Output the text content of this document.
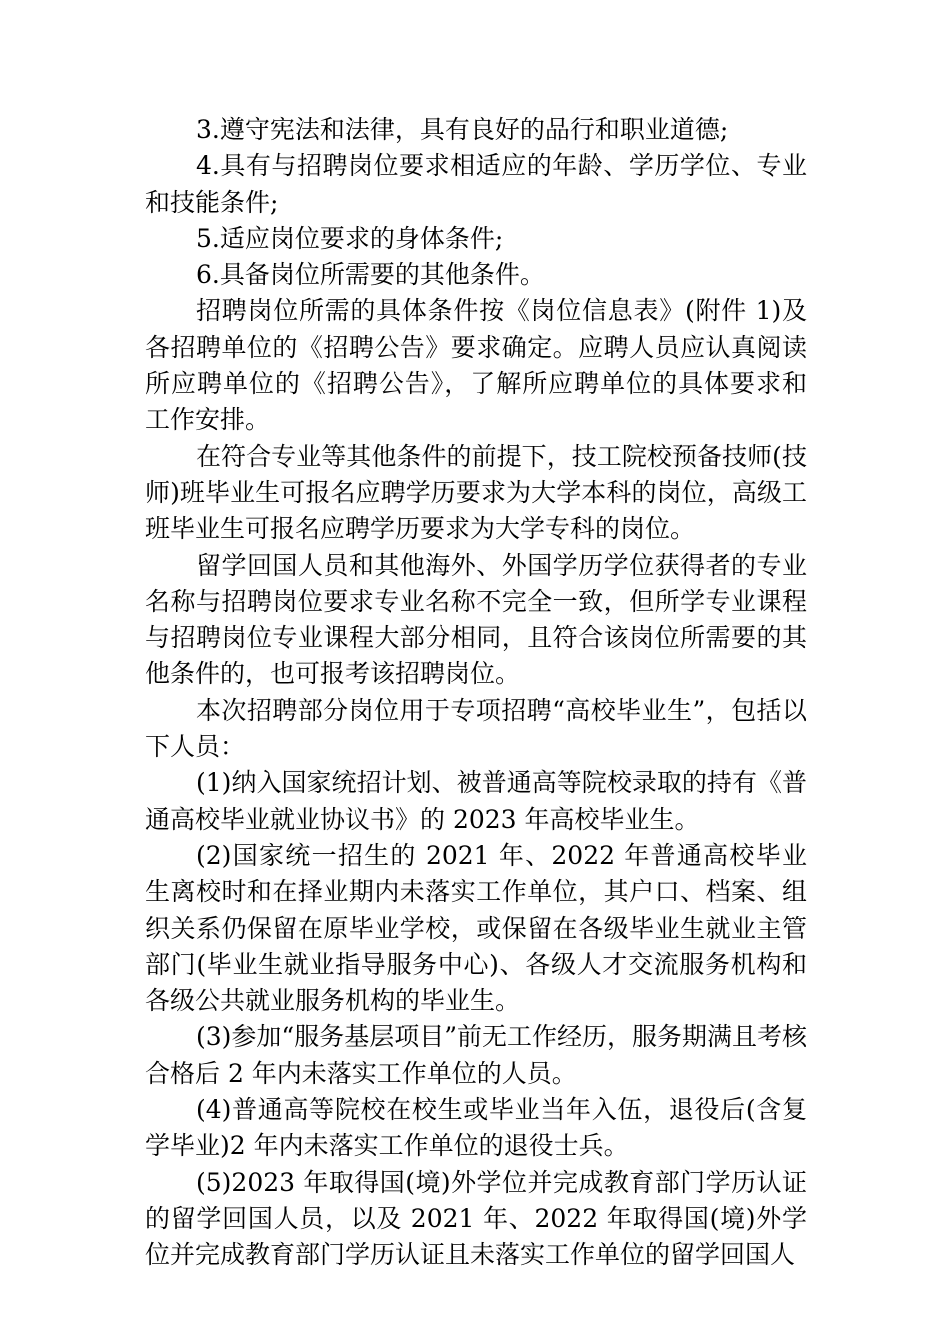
3.遵守宪法和法律，具有良好的品行和职业道德;

4.具有与招聘岗位要求相适应的年龄、学历学位、专业和技能条件;

5.适应岗位要求的身体条件;

6.具备岗位所需要的其他条件。

招聘岗位所需的具体条件按《岗位信息表》(附件 1)及各招聘单位的《招聘公告》要求确定。应聘人员应认真阅读所应聘单位的《招聘公告》，了解所应聘单位的具体要求和工作安排。

在符合专业等其他条件的前提下，技工院校预备技师(技师)班毕业生可报名应聘学历要求为大学本科的岗位，高级工班毕业生可报名应聘学历要求为大学专科的岗位。

留学回国人员和其他海外、外国学历学位获得者的专业名称与招聘岗位要求专业名称不完全一致，但所学专业课程与招聘岗位专业课程大部分相同，且符合该岗位所需要的其他条件的，也可报考该招聘岗位。

本次招聘部分岗位用于专项招聘“高校毕业生”，包括以下人员：

(1)纳入国家统招计划、被普通高等院校录取的持有《普通高校毕业就业协议书》的 2023 年高校毕业生。

(2)国家统一招生的 2021 年、2022 年普通高校毕业生离校时和在择业期内未落实工作单位，其户口、档案、组织关系仍保留在原毕业学校，或保留在各级毕业生就业主管部门(毕业生就业指导服务中心)、各级人才交流服务机构和各级公共就业服务机构的毕业生。

(3)参加“服务基层项目”前无工作经历，服务期满且考核合格后 2 年内未落实工作单位的人员。

(4)普通高等院校在校生或毕业当年入伍，退役后(含复学毕业)2 年内未落实工作单位的退役士兵。

(5)2023 年取得国(境)外学位并完成教育部门学历认证的留学回国人员，以及 2021 年、2022 年取得国(境)外学位并完成教育部门学历认证且未落实工作单位的留学回国人
